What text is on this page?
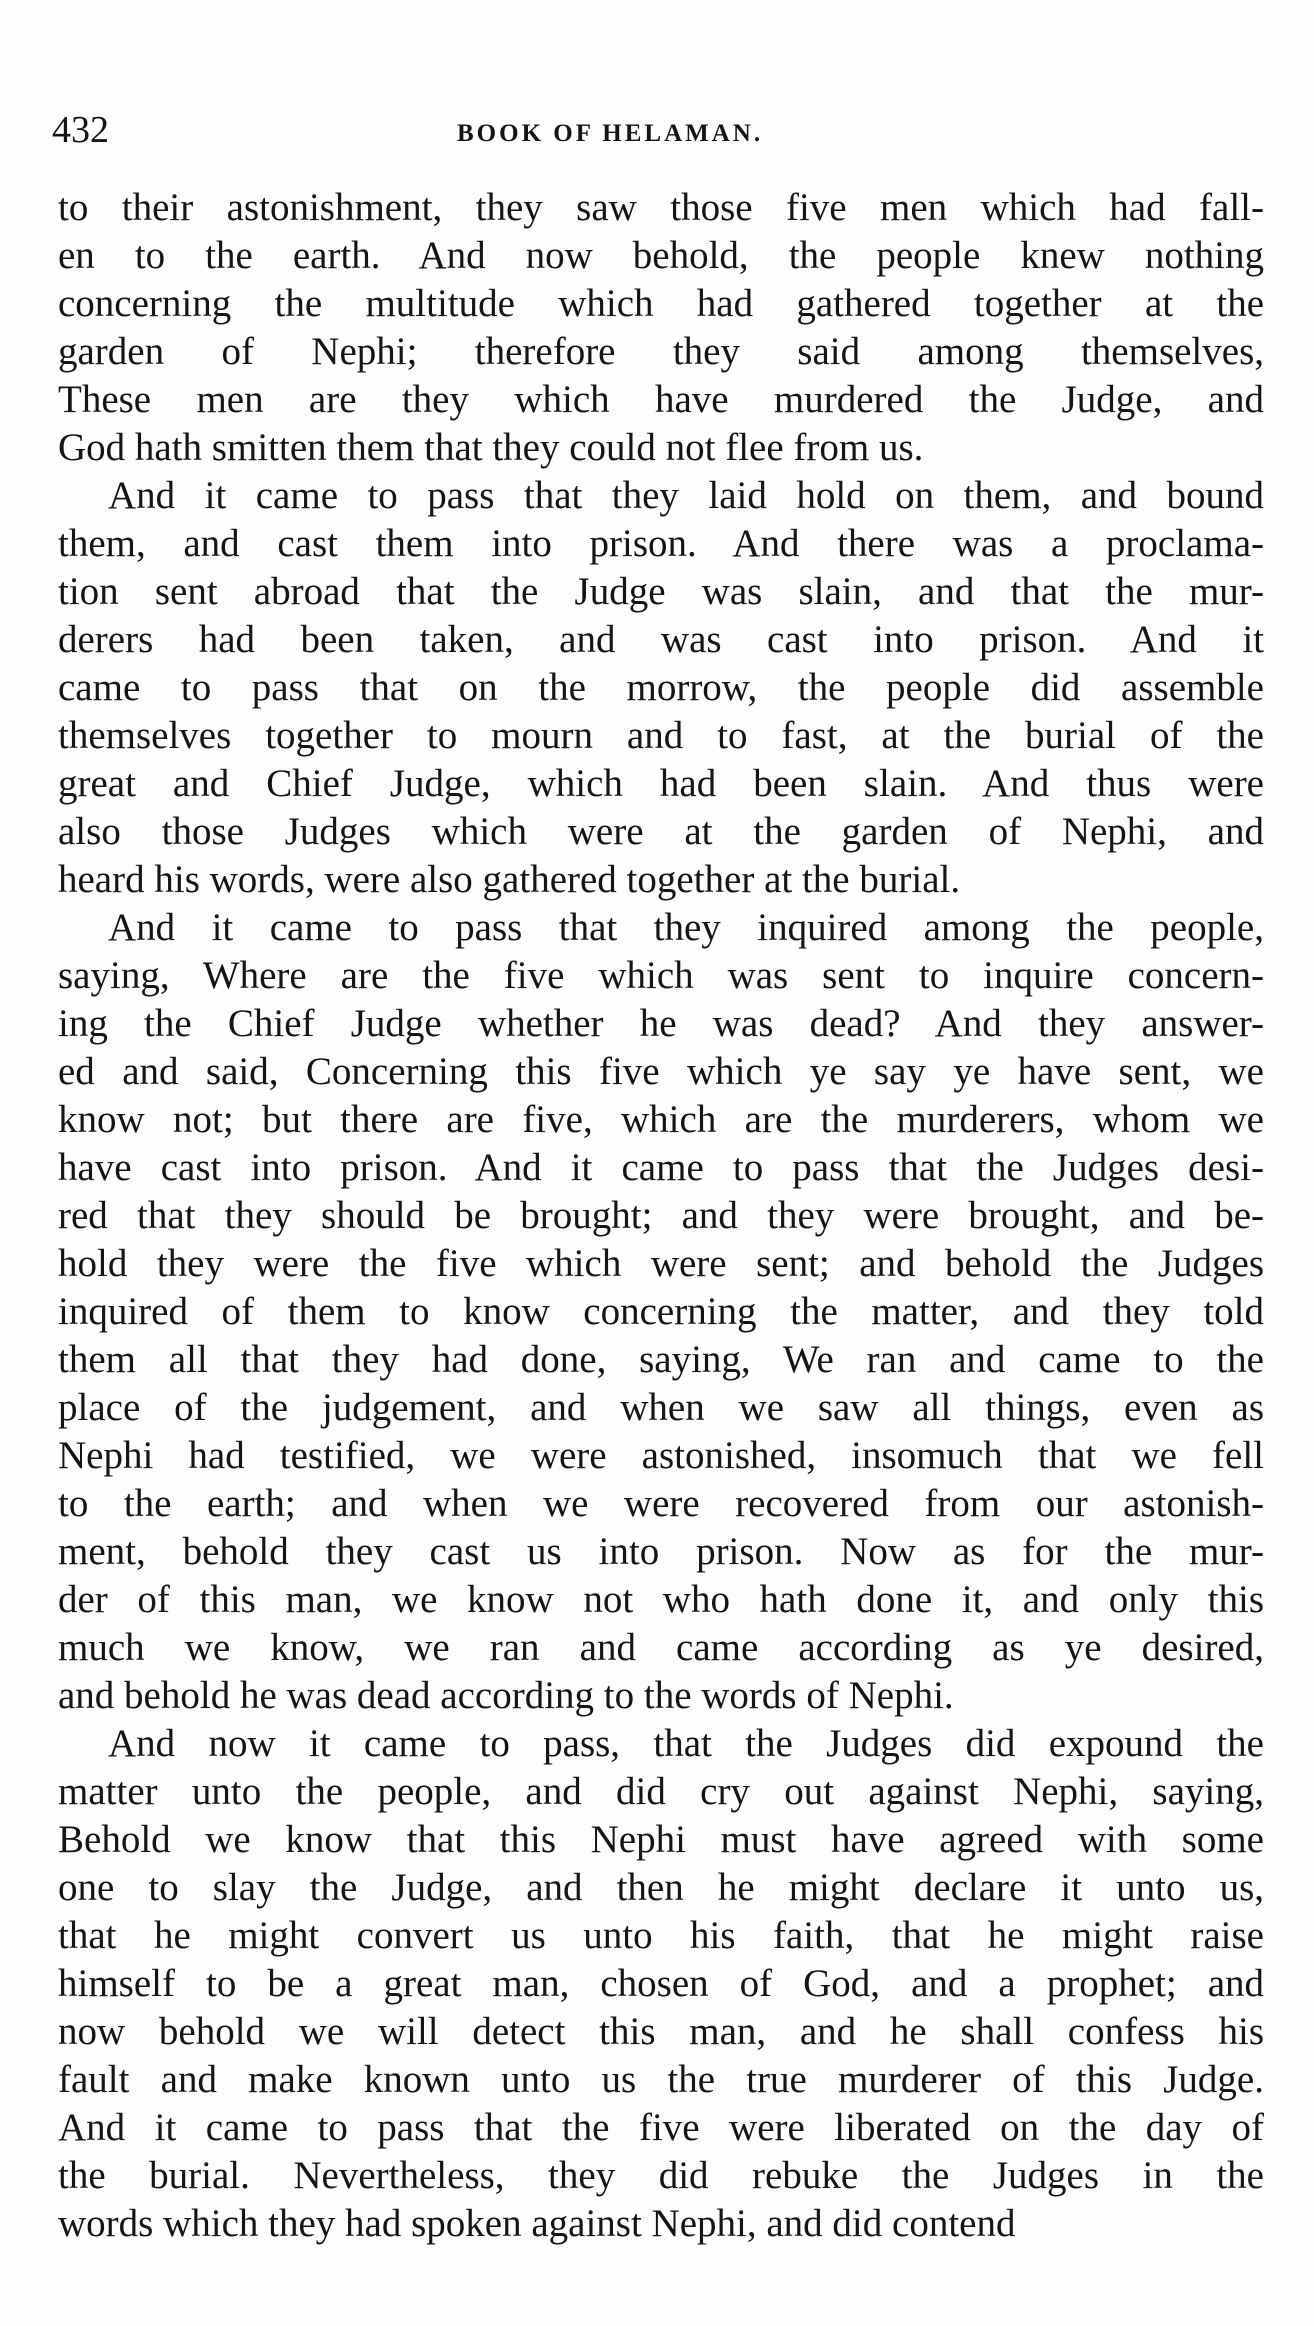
432	BOOK OF HELAMAN.
to their astonishment, they saw those five men which had fall-
en to the earth. And now behold, the people knew nothing
concerning the multitude which had gathered together at the
garden of Nephi; therefore they said among themselves,
These men are they which have murdered the Judge, and
God hath smitten them that they could not flee from us.
And it came to pass that they laid hold on them, and bound
them, and cast them into prison. And there was a proclama-
tion sent abroad that the Judge was slain, and that the mur-
derers had been taken, and was cast into prison. And it
came to pass that on the morrow, the people did assemble
themselves together to mourn and to fast, at the burial of the
great and Chief Judge, which had been slain. And thus were
also those Judges which were at the garden of Nephi, and
heard his words, were also gathered together at the burial.
And it came to pass that they inquired among the people,
saying, Where are the five which was sent to inquire concern-
ing the Chief Judge whether he was dead? And they answer-
ed and said, Concerning this five which ye say ye have sent, we
know not; but there are five, which are the murderers, whom we
have cast into prison. And it came to pass that the Judges desi-
red that they should be brought; and they were brought, and be-
hold they were the five which were sent; and behold the Judges
inquired of them to know concerning the matter, and they told
them all that they had done, saying, We ran and came to the
place of the judgement, and when we saw all things, even as
Nephi had testified, we were astonished, insomuch that we fell
to the earth; and when we were recovered from our astonish-
ment, behold they cast us into prison. Now as for the mur-
der of this man, we know not who hath done it, and only this
much we know, we ran and came according as ye desired,
and behold he was dead according to the words of Nephi.
And now it came to pass, that the Judges did expound the
matter unto the people, and did cry out against Nephi, saying,
Behold we know that this Nephi must have agreed with some
one to slay the Judge, and then he might declare it unto us,
that he might convert us unto his faith, that he might raise
himself to be a great man, chosen of God, and a prophet; and
now behold we will detect this man, and he shall confess his
fault and make known unto us the true murderer of this Judge.
And it came to pass that the five were liberated on the day of
the burial. Nevertheless, they did rebuke the Judges in the
words which they had spoken against Nephi, and did contend
